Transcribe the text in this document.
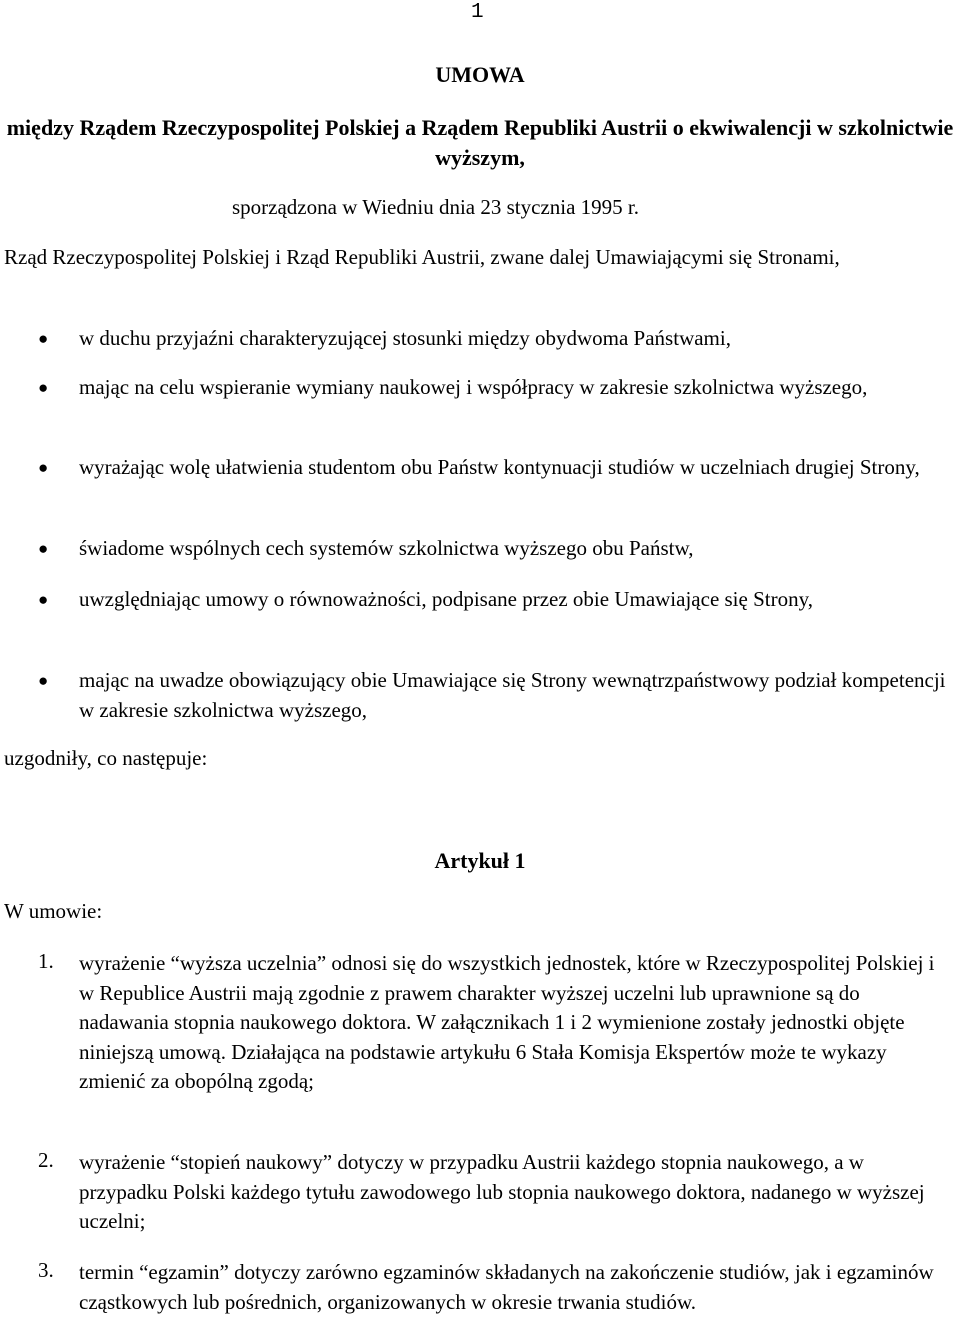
1
UMOWA
między Rządem Rzeczypospolitej Polskiej a Rządem Republiki Austrii o ekwiwalencji w szkolnictwie wyższym,
sporządzona w Wiedniu dnia 23 stycznia 1995 r.
Rząd Rzeczypospolitej Polskiej i Rząd Republiki Austrii, zwane dalej Umawiającymi się Stronami,
● w duchu przyjaźni charakteryzującej stosunki między obydwoma Państwami,
● mając na celu wspieranie wymiany naukowej i współpracy w zakresie szkolnictwa wyższego,
● wyrażając wolę ułatwienia studentom obu Państw kontynuacji studiów w uczelniach drugiej Strony,
● świadome wspólnych cech systemów szkolnictwa wyższego obu Państw,
● uwzględniając umowy o równoważności, podpisane przez obie Umawiające się Strony,
● mając na uwadze obowiązujący obie Umawiające się Strony wewnątrzpaństwowy podział kompetencji w zakresie szkolnictwa wyższego,
uzgodniły, co następuje:
Artykuł 1
W umowie:
1. wyrażenie “wyższa uczelnia” odnosi się do wszystkich jednostek, które w Rzeczypospolitej Polskiej i w Republice Austrii mają zgodnie z prawem charakter wyższej uczelni lub uprawnione są do nadawania stopnia naukowego doktora. W załącznikach 1 i 2 wymienione zostały jednostki objęte niniejszą umową. Działająca na podstawie artykułu 6 Stała Komisja Ekspertów może te wykazy zmienić za obopólną zgodą;
2. wyrażenie “stopień naukowy” dotyczy w przypadku Austrii każdego stopnia naukowego, a w przypadku Polski każdego tytułu zawodowego lub stopnia naukowego doktora, nadanego w wyższej uczelni;
3. termin “egzamin” dotyczy zarówno egzaminów składanych na zakończenie studiów, jak i egzaminów cząstkowych lub pośrednich, organizowanych w okresie trwania studiów.
